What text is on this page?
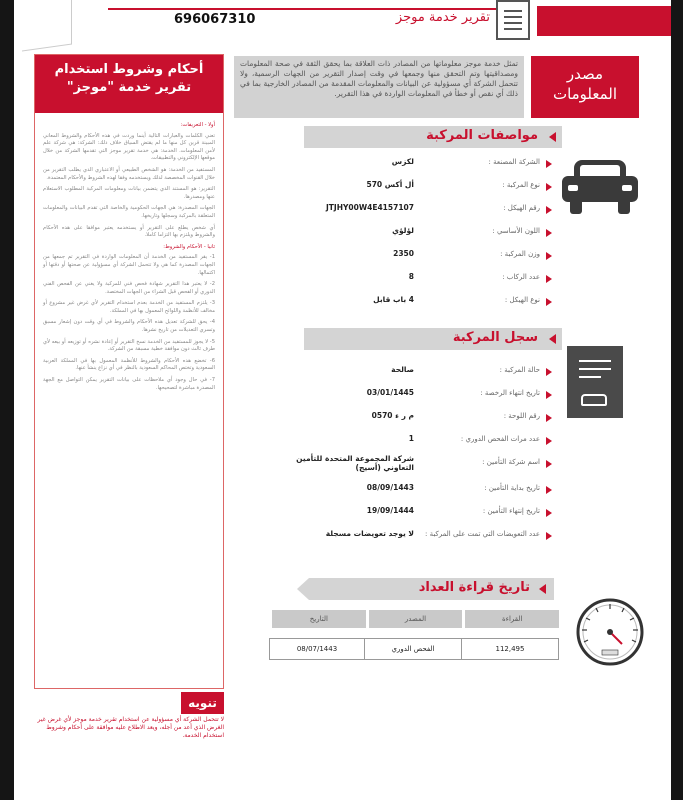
تقرير خدمة موجز
696067310
مصدر
المعلومات
تمثل خدمة موجز معلوماتها من المصادر ذات العلاقة بما يحقق الثقة في صحة المعلومات ومصداقيتها وتم التحقق منها وجمعها في وقت إصدار التقرير من الجهات الرسمية، ولا تتحمل الشركة أي مسؤولية عن البيانات والمعلومات المقدمة من المصادر الخارجية بما في ذلك أي نقص أو خطأ في المعلومات الواردة في هذا التقرير.
أحكام وشروط استخدام تقرير خدمة "موجز"
أولا - التعريفات:

تعني الكلمات والعبارات التالية أينما وردت في هذه الأحكام والشروط المعاني المبينة قرين كل منها ما لم يقتض السياق خلاف ذلك: الشركة: هي شركة علم لأمن المعلومات. الخدمة: هي خدمة تقرير موجز التي تقدمها الشركة من خلال موقعها الإلكتروني والتطبيقات.

المستفيد من الخدمة: هو الشخص الطبيعي أو الاعتباري الذي يطلب التقرير من خلال القنوات المخصصة لذلك ويستخدمه وفقا لهذه الشروط والأحكام المعتمدة.

التقرير: هو المستند الذي يتضمن بيانات ومعلومات المركبة المطلوب الاستعلام عنها ومصدرها.

الجهات المصدرة: هي الجهات الحكومية والخاصة التي تقدم البيانات والمعلومات المتعلقة بالمركبة وسجلها وتاريخها.

أي شخص يطلع على التقرير أو يستخدمه يعتبر موافقا على هذه الأحكام والشروط ويلتزم بها التزاما كاملا.

ثانيا - الأحكام والشروط:

1- يقر المستفيد من الخدمة أن المعلومات الواردة في التقرير تم جمعها من الجهات المصدرة كما هي ولا تتحمل الشركة أي مسؤولية عن صحتها أو دقتها أو اكتمالها.

2- لا يعتبر هذا التقرير شهادة فحص فني للمركبة ولا يغني عن الفحص الفني الدوري أو الفحص قبل الشراء من الجهات المختصة.

3- يلتزم المستفيد من الخدمة بعدم استخدام التقرير لأي غرض غير مشروع أو مخالف للأنظمة واللوائح المعمول بها في المملكة.

4- يحق للشركة تعديل هذه الأحكام والشروط في أي وقت دون إشعار مسبق وتسري التعديلات من تاريخ نشرها.

5- لا يجوز للمستفيد من الخدمة نسخ التقرير أو إعادة نشره أو توزيعه أو بيعه لأي طرف ثالث دون موافقة خطية مسبقة من الشركة.

6- تخضع هذه الأحكام والشروط للأنظمة المعمول بها في المملكة العربية السعودية وتختص المحاكم السعودية بالنظر في أي نزاع ينشأ عنها.

7- في حال وجود أي ملاحظات على بيانات التقرير يمكن التواصل مع الجهة المصدرة مباشرة لتصحيحها.

تنويه
لا تتحمل الشركة أي مسؤولية عن استخدام تقرير خدمة موجز لأي غرض غير الغرض الذي أعد من أجله، ويعد الاطلاع عليه موافقة على أحكام وشروط استخدام الخدمة.
مواصفات المركبة
الشركة المصنعة :
لكزس
نوع المركبة :
أل أكس 570
رقم الهيكل :
JTJHY00W4E4157107
اللون الأساسي :
لؤلؤي
وزن المركبة :
2350
عدد الركاب :
8
نوع الهيكل :
4 باب قابل
سجل المركبة
حالة المركبة :
صالحة
تاريخ انتهاء الرخصة :
03/01/1445
رقم اللوحة :
م ر ء 0570
عدد مرات الفحص الدوري :
1
اسم شركة التأمين :
شركة المجموعة المتحدة للتأمين التعاوني (أسيج)
تاريخ بداية التأمين :
08/09/1443
تاريخ إنتهاء التأمين :
19/09/1444
عدد التعويضات التي تمت على المركبة :
لا يوجد تعويضات مسجلة
تاريخ قراءة العداد
التاريخ	المصدر	القراءة
08/07/1443	الفحص الدوري	112,495
